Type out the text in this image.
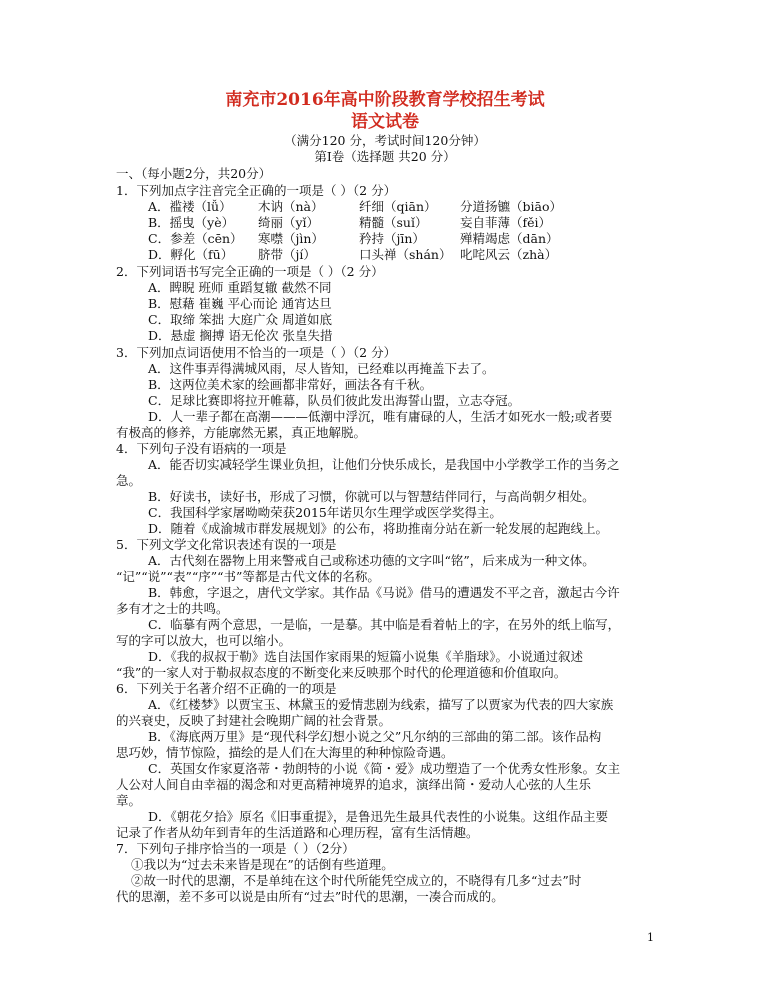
南充市2016年高中阶段教育学校招生考试
语文试卷
（满分120 分，考试时间120分钟）
第Ⅰ卷（选择题 共20 分）
一、（每小题2分，共20分）
1．下列加点字注音完全正确的一项是（ ）（2 分）
A．褴褛（lǚ） 木讷（nà）	纤细（qiān） 分道扬镳（biāo）
B．摇曳（yè） 绮丽（yǐ）	精髓（suǐ）	妄自菲薄（fěi）
C．参差（cēn） 寒噤（jìn）	矜持（jīn）	殚精竭虑（dān）
D．孵化（fū） 脐带（jí）	口头禅（shán） 叱咤风云（zhà）
2．下列词语书写完全正确的一项是（ ）（2 分）
A．睥睨 班师 重蹈复辙 截然不同
B．慰藉 崔巍 平心而论 通宵达旦
C．取缔 笨拙 大庭广众 周道如底
D．悬虚 搁搏 语无伦次 张皇失措
3．下列加点词语使用不恰当的一项是（ ）（2 分）
A．这件事弄得满城风雨，尽人皆知，已经难以再掩盖下去了。
B．这两位美术家的绘画都非常好，画法各有千秋。
C．足球比赛即将拉开帷幕，队员们彼此发出海誓山盟，立志夺冠。
D．人一辈子都在高潮———低潮中浮沉，唯有庸碌的人，生活才如死水一般;或者要
有极高的修养，方能廓然无累，真正地解脱。
4．下列句子没有语病的一项是
A．能否切实减轻学生课业负担，让他们分快乐成长，是我国中小学教学工作的当务之
急。
B．好读书，读好书，形成了习惯，你就可以与智慧结伴同行，与高尚朝夕相处。
C．我国科学家屠呦呦荣获2015年诺贝尔生理学或医学奖得主。
D．随着《成渝城市群发展规划》的公布，将助推南分站在新一轮发展的起跑线上。
5．下列文学文化常识表述有误的一项是
A．古代刻在器物上用来警戒自己或称述功德的文字叫“铭”，后来成为一种文体。
“记”“说”“表”“序”“书”等都是古代文体的名称。
B．韩愈，字退之，唐代文学家。其作品《马说》借马的遭遇发不平之音，激起古今许
多有才之士的共鸣。
C．临摹有两个意思，一是临，一是摹。其中临是看着帖上的字，在另外的纸上临写，
写的字可以放大，也可以缩小。
D．《我的叔叔于勒》选自法国作家雨果的短篇小说集《羊脂球》。小说通过叙述
“我”的一家人对于勒叔叔态度的不断变化来反映那个时代的伦理道德和价值取向。
6．下列关于名著介绍不正确的一的项是
A．《红楼梦》以贾宝玉、林黛玉的爱情悲剧为线索，描写了以贾家为代表的四大家族
的兴衰史，反映了封建社会晚期广阔的社会背景。
B．《海底两万里》是“现代科学幻想小说之父”凡尔纳的三部曲的第二部。该作品构
思巧妙，情节惊险，描绘的是人们在大海里的种种惊险奇遇。
C．英国女作家夏洛蒂・勃朗特的小说《简・爱》成功塑造了一个优秀女性形象。女主
人公对人间自由幸福的渴念和对更高精神境界的追求，演绎出简・爱动人心弦的人生乐
章。
D．《朝花夕拾》原名《旧事重提》，是鲁迅先生最具代表性的小说集。这组作品主要
记录了作者从幼年到青年的生活道路和心理历程，富有生活情趣。
7．下列句子排序恰当的一项是（ ）（2分）
①我以为“过去未来皆是现在”的话倒有些道理。
②故一时代的思潮，不是单纯在这个时代所能凭空成立的，不晓得有几多“过去”时
代的思潮，差不多可以说是由所有“过去”时代的思潮，一凑合而成的。
1
